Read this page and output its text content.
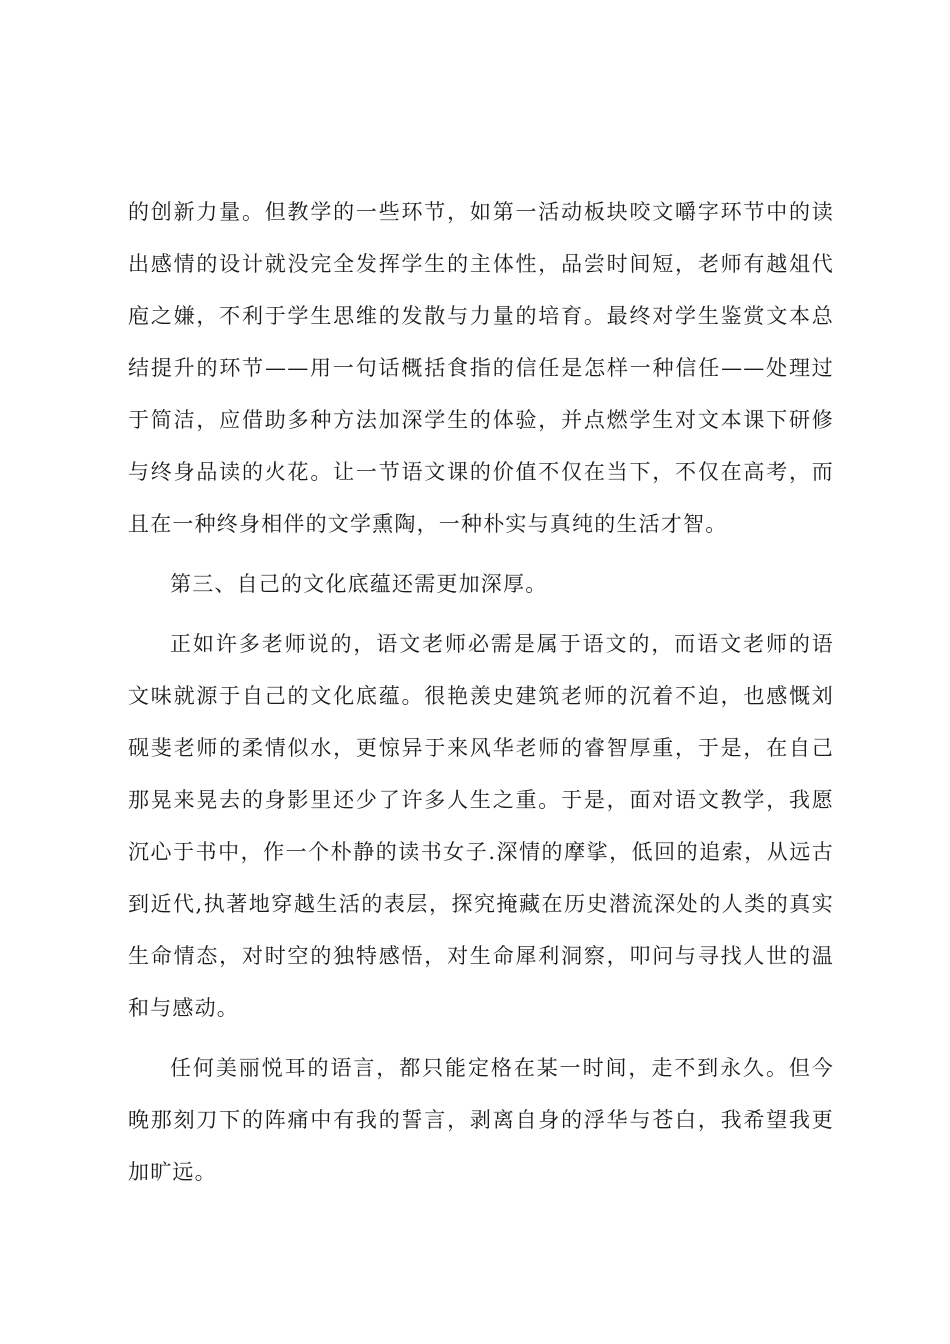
的创新力量。但教学的一些环节，如第一活动板块咬文嚼字环节中的读
出感情的设计就没完全发挥学生的主体性，品尝时间短，老师有越俎代
庖之嫌，不利于学生思维的发散与力量的培育。最终对学生鉴赏文本总
结提升的环节——用一句话概括食指的信任是怎样一种信任——处理过
于简洁，应借助多种方法加深学生的体验，并点燃学生对文本课下研修
与终身品读的火花。让一节语文课的价值不仅在当下，不仅在高考，而
且在一种终身相伴的文学熏陶，一种朴实与真纯的生活才智。
第三、自己的文化底蕴还需更加深厚。
正如许多老师说的，语文老师必需是属于语文的，而语文老师的语
文味就源于自己的文化底蕴。很艳羡史建筑老师的沉着不迫，也感慨刘
砚斐老师的柔情似水，更惊异于来风华老师的睿智厚重，于是，在自己
那晃来晃去的身影里还少了许多人生之重。于是，面对语文教学，我愿
沉心于书中，作一个朴静的读书女子.深情的摩挲，低回的追索，从远古
到近代,执著地穿越生活的表层，探究掩藏在历史潜流深处的人类的真实
生命情态，对时空的独特感悟，对生命犀利洞察，叩问与寻找人世的温
和与感动。
任何美丽悦耳的语言，都只能定格在某一时间，走不到永久。但今
晚那刻刀下的阵痛中有我的誓言，剥离自身的浮华与苍白，我希望我更
加旷远。
